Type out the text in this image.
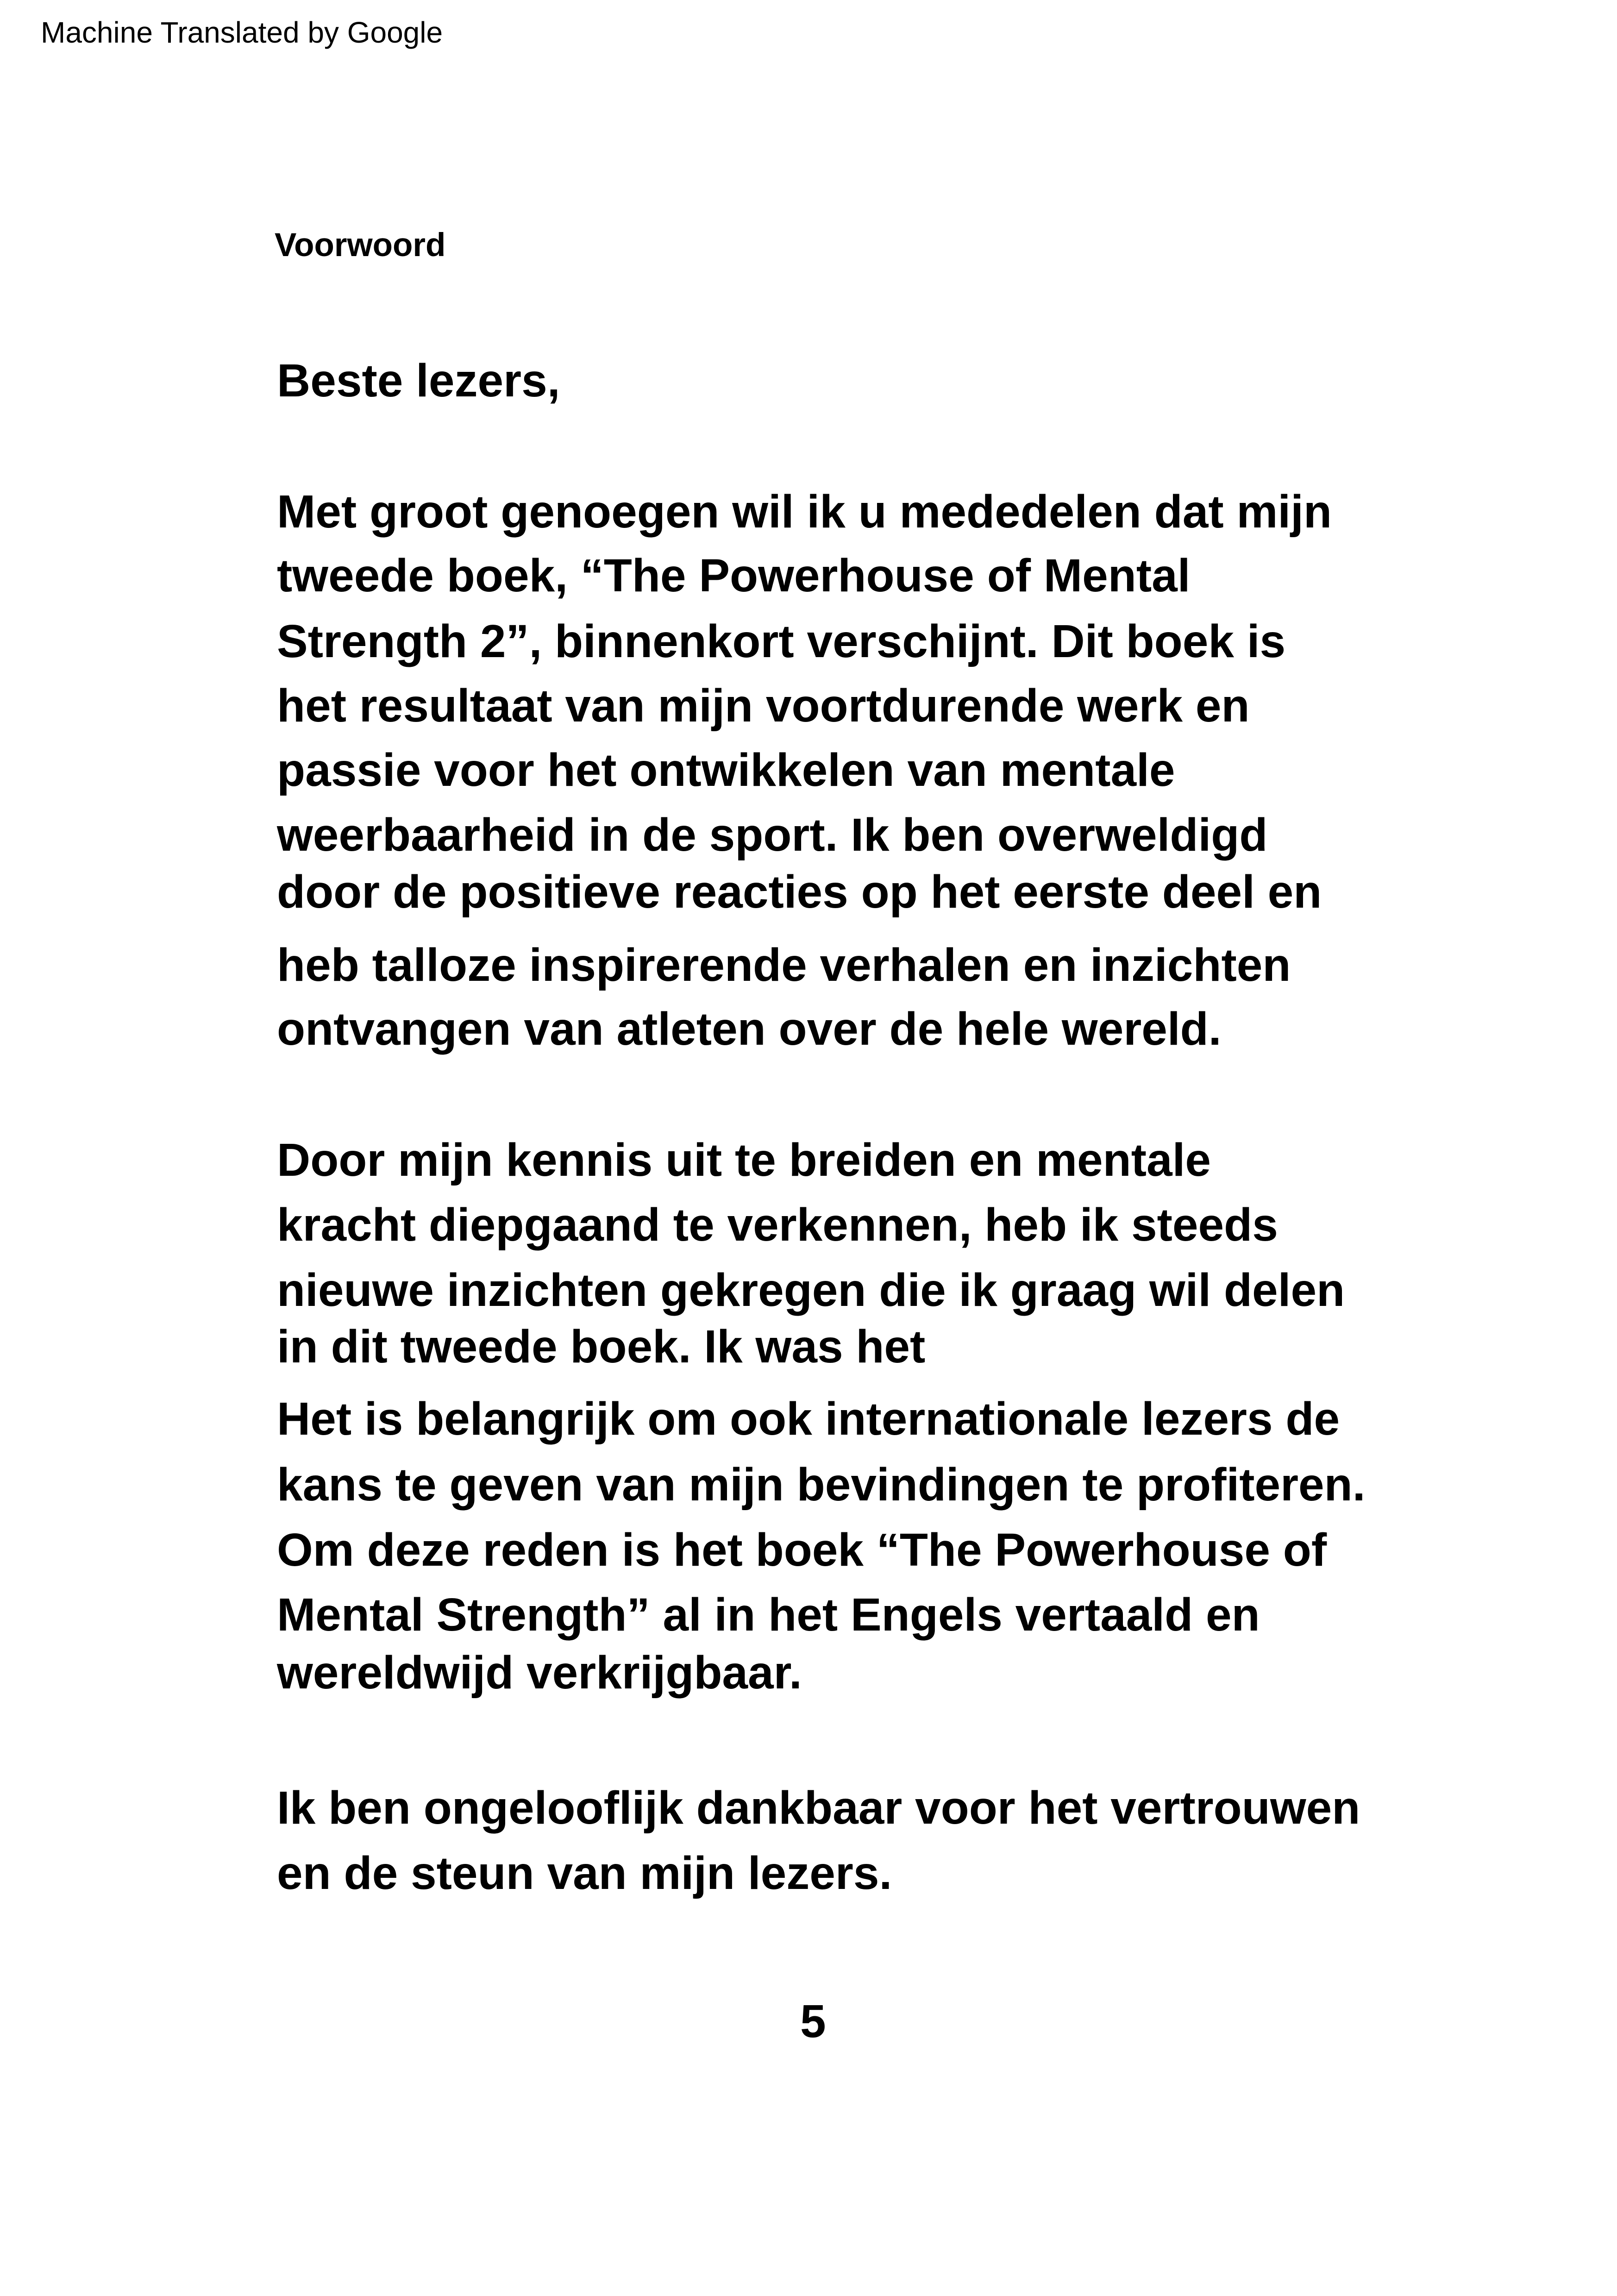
Machine Translated by Google
Voorwoord
Beste lezers,
Met groot genoegen wil ik u mededelen dat mijn
tweede boek, “The Powerhouse of Mental
Strength 2”, binnenkort verschijnt. Dit boek is
het resultaat van mijn voortdurende werk en
passie voor het ontwikkelen van mentale
weerbaarheid in de sport. Ik ben overweldigd
door de positieve reacties op het eerste deel en
heb talloze inspirerende verhalen en inzichten
ontvangen van atleten over de hele wereld.
Door mijn kennis uit te breiden en mentale
kracht diepgaand te verkennen, heb ik steeds
nieuwe inzichten gekregen die ik graag wil delen
in dit tweede boek. Ik was het
Het is belangrijk om ook internationale lezers de
kans te geven van mijn bevindingen te profiteren.
Om deze reden is het boek “The Powerhouse of
Mental Strength” al in het Engels vertaald en
wereldwijd verkrijgbaar.
Ik ben ongelooflijk dankbaar voor het vertrouwen
en de steun van mijn lezers.
5
